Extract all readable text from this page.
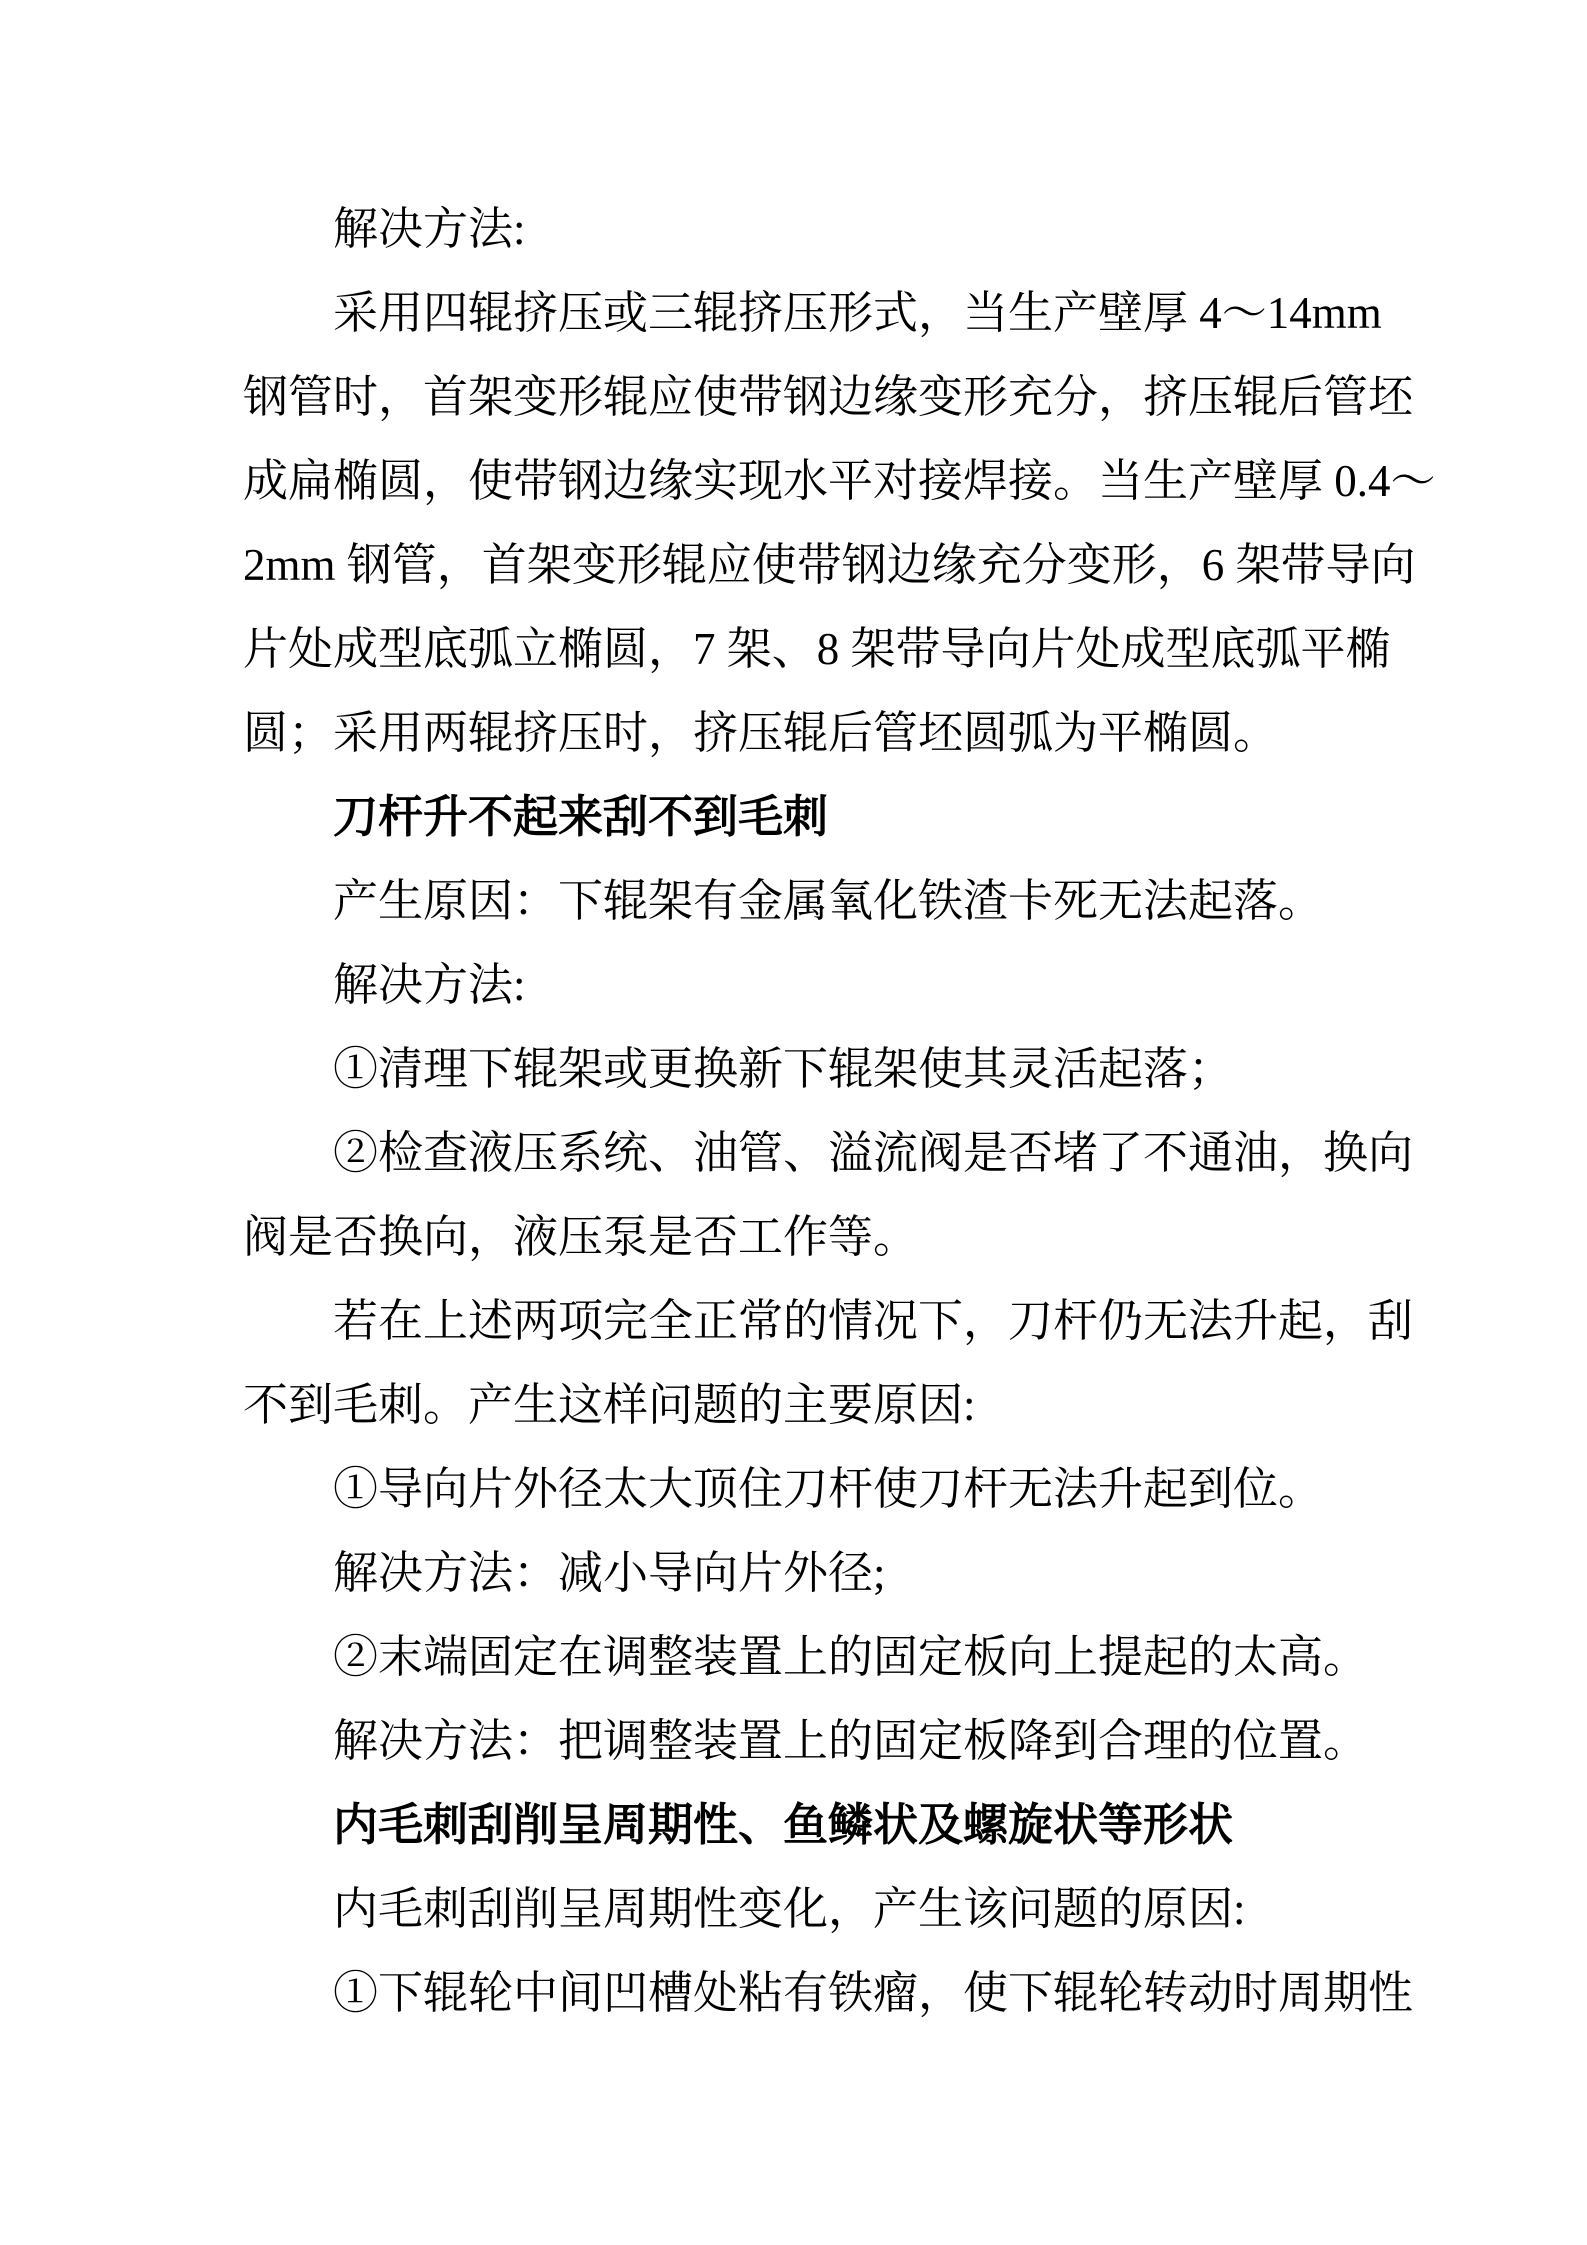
解决方法:
采用四辊挤压或三辊挤压形式，当生产壁厚 4～14mm
钢管时，首架变形辊应使带钢边缘变形充分，挤压辊后管坯
成扁椭圆，使带钢边缘实现水平对接焊接。当生产壁厚 0.4～
2mm 钢管，首架变形辊应使带钢边缘充分变形，6 架带导向
片处成型底弧立椭圆，7 架、8 架带导向片处成型底弧平椭
圆；采用两辊挤压时，挤压辊后管坯圆弧为平椭圆。
刀杆升不起来刮不到毛刺
产生原因：下辊架有金属氧化铁渣卡死无法起落。
解决方法:
①清理下辊架或更换新下辊架使其灵活起落；
②检查液压系统、油管、溢流阀是否堵了不通油，换向
阀是否换向，液压泵是否工作等。
若在上述两项完全正常的情况下，刀杆仍无法升起，刮
不到毛刺。产生这样问题的主要原因:
①导向片外径太大顶住刀杆使刀杆无法升起到位。
解决方法：减小导向片外径;
②末端固定在调整装置上的固定板向上提起的太高。
解决方法：把调整装置上的固定板降到合理的位置。
内毛刺刮削呈周期性、鱼鳞状及螺旋状等形状
内毛刺刮削呈周期性变化，产生该问题的原因:
①下辊轮中间凹槽处粘有铁瘤，使下辊轮转动时周期性
